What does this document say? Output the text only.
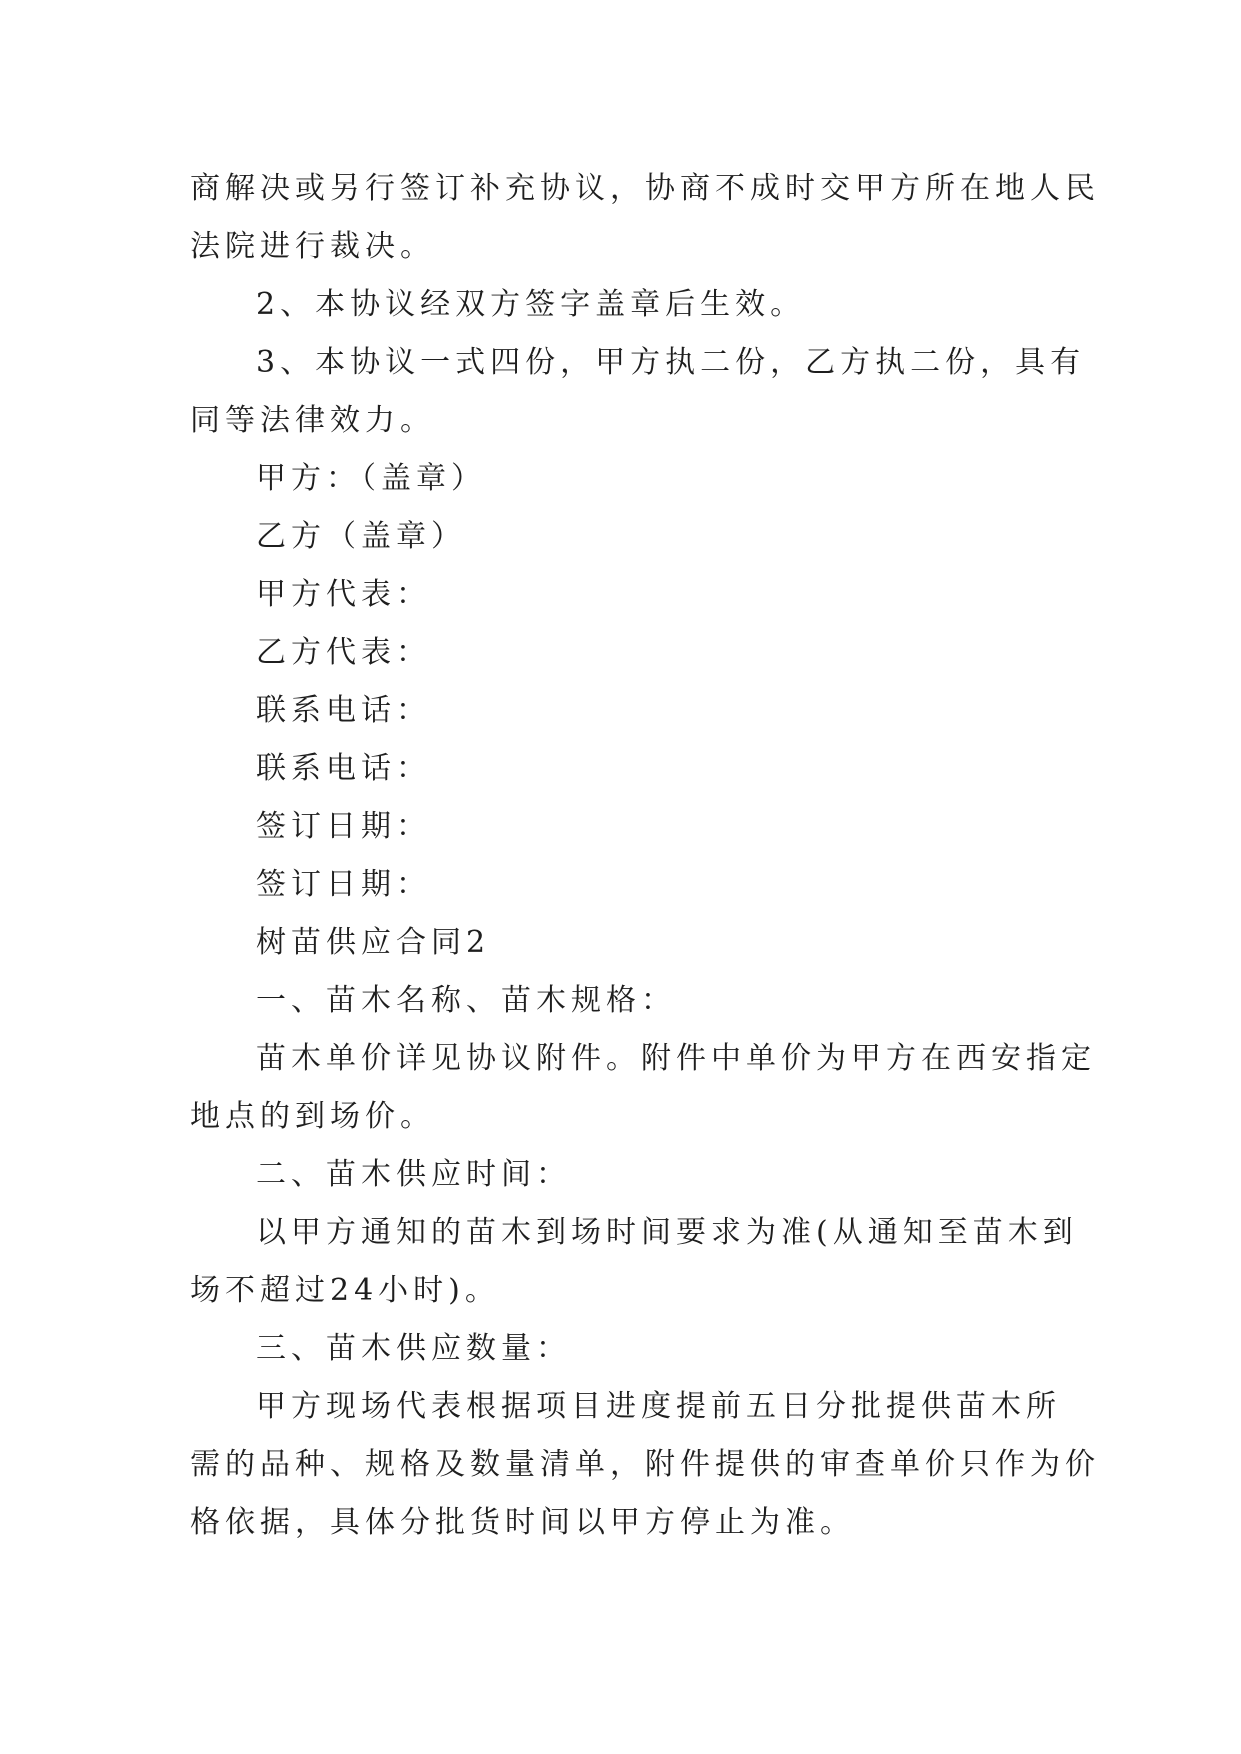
商解决或另行签订补充协议，协商不成时交甲方所在地人民
法院进行裁决。
2、本协议经双方签字盖章后生效。
3、本协议一式四份，甲方执二份，乙方执二份，具有
同等法律效力。
甲方：（盖章）
乙方（盖章）
甲方代表：
乙方代表：
联系电话：
联系电话：
签订日期：
签订日期：
树苗供应合同2
一、苗木名称、苗木规格：
苗木单价详见协议附件。附件中单价为甲方在西安指定
地点的到场价。
二、苗木供应时间：
以甲方通知的苗木到场时间要求为准(从通知至苗木到
场不超过24小时)。
三、苗木供应数量：
甲方现场代表根据项目进度提前五日分批提供苗木所
需的品种、规格及数量清单，附件提供的审查单价只作为价
格依据，具体分批货时间以甲方停止为准。
